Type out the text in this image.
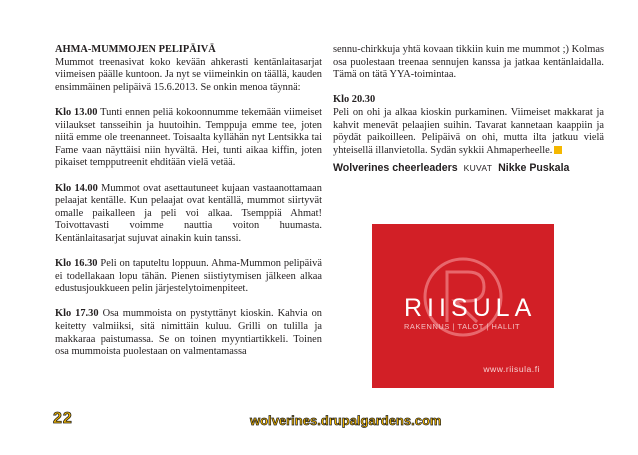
AHMA-MUMMOJEN PELIPÄIVÄ

Mummot treenasivat koko kevään ahkerasti kentänlaitasarjat viimeisen päälle kuntoon. Ja nyt se viimeinkin on täällä, kauden ensimmäinen pelipäivä 15.6.2013. Se onkin menoa täynnä:

Klo 13.00 Tunti ennen peliä kokoonnumme tekemään viimeiset viilaukset tansseihin ja huutoihin. Temppuja emme tee, joten niitä emme ole treenanneet. Toisaalta kyllähän nyt Lentsikka tai Fame vaan näyttäisi niin hyvältä. Hei, tunti aikaa kiffin, joten pikaiset tempputreenit ehditään vielä vetää.

Klo 14.00 Mummot ovat asettautuneet kujaan vastaanottamaan pelaajat kentälle. Kun pelaajat ovat kentällä, mummot siirtyvät omalle paikalleen ja peli voi alkaa. Tsemppiä Ahmat! Toivottavasti voimme nauttia voiton huumasta. Kentänlaitasarjat sujuvat ainakin kuin tanssi.

Klo 16.30 Peli on taputeltu loppuun. Ahma-Mummon pelipäivä ei todellakaan lopu tähän. Pienen siistiytymisen jälkeen alkaa edustusjoukkueen pelin järjestelytoimenpiteet.

Klo 17.30 Osa mummoista on pystyttänyt kioskin. Kahvia on keitetty valmiiksi, sitä nimittäin kuluu. Grilli on tulilla ja makkaraa paistumassa. Se on toinen myyntiartikkeli. Toinen osa mummoista puolestaan on valmentamassa

sennu-chirkkuja yhtä kovaan tikkiin kuin me mummot ;) Kolmas osa puolestaan treenaa sennujen kanssa ja jatkaa kentänlaidalla. Tämä on tätä YYA-toimintaa.

Klo 20.30
Peli on ohi ja alkaa kioskin purkaminen. Viimeiset makkarat ja kahvit menevät pelaajien suihin. Tavarat kannetaan kaappiin ja pöydät paikoilleen. Pelipäivä on ohi, mutta ilta jatkuu vielä yhteisellä illanvietolla. Sydän sykkii Ahmaperheelle.
Wolverines cheerleaders KUVAT Nikke Puskala
RIISULA
RAKENNUS | TALOT | HALLIT
www.riisula.fi
22	wolverines.drupalgardens.com
